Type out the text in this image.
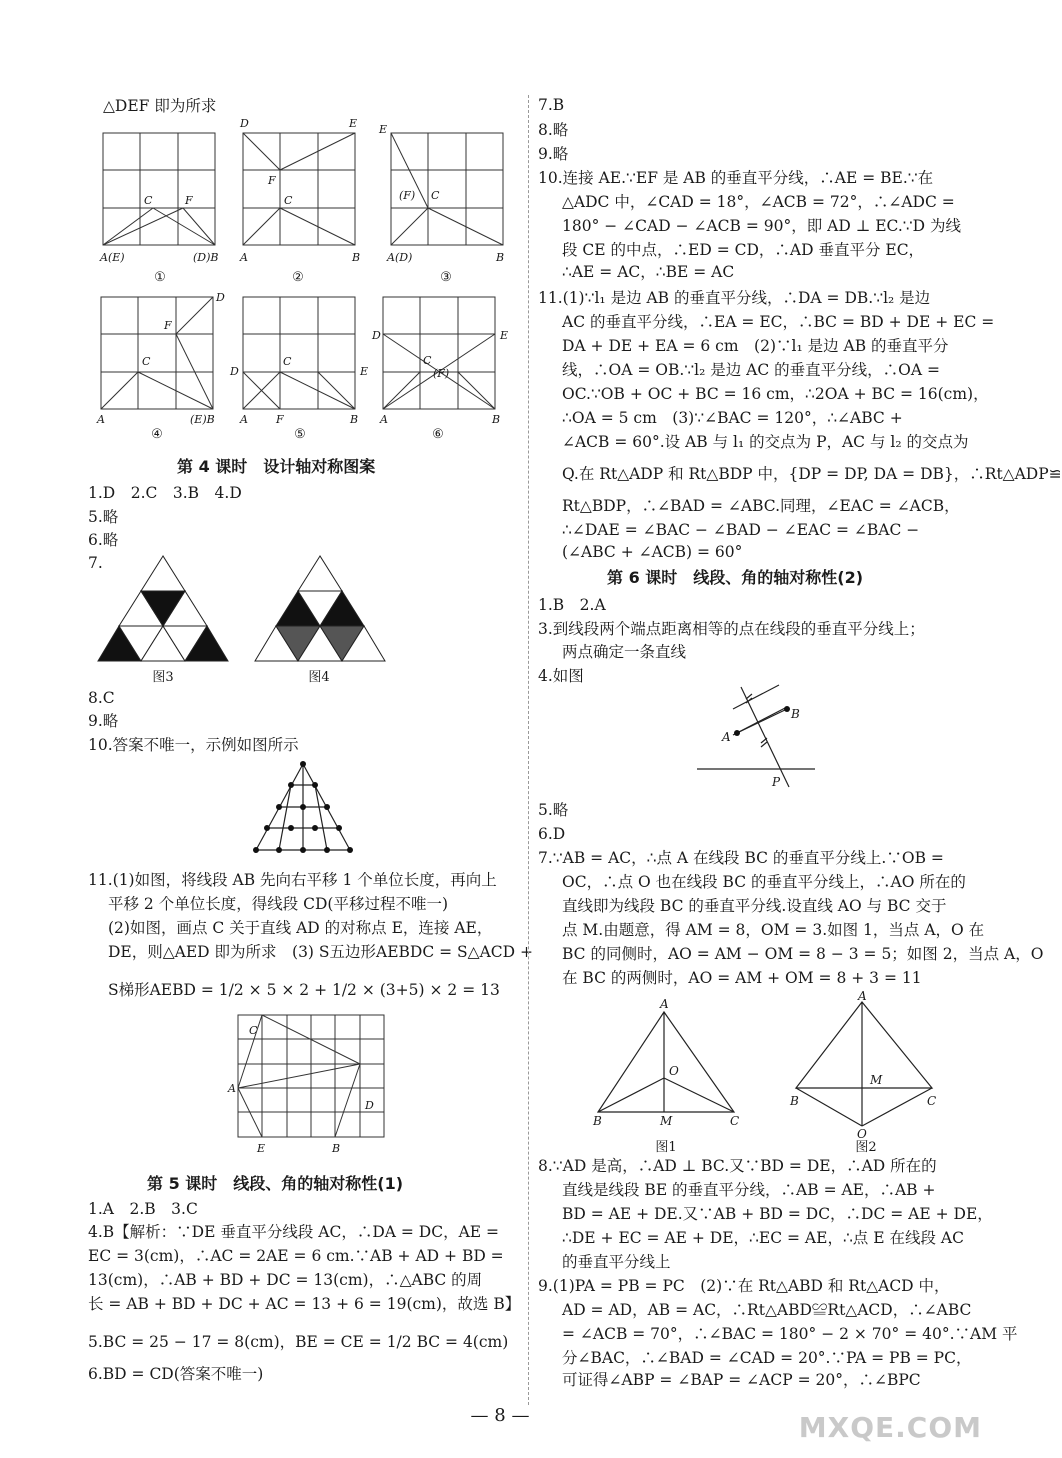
△DEF 即为所求
A(E)	(D)B
C	F
①
D	E
F
C
A	B
②
E
(F) C
A(D)	B
③
D
F
C
A	(E)B
④
C
D	E
A	F	B
⑤
D	E
C
(F)
A	B
⑥
第 4 课时　设计轴对称图案
1.D　2.C　3.B　4.D
5.略
6.略
7.
图3	图4
8.C
9.略
10.答案不唯一，示例如图所示
11.(1)如图，将线段 AB 先向右平移 1 个单位长度，再向上
平移 2 个单位长度，得线段 CD(平移过程不唯一)
(2)如图，画点 C 关于直线 AD 的对称点 E，连接 AE，
DE，则△AED 即为所求　(3) S五边形AEBDC = S△ACD +
S梯形AEBD = 1/2 × 5 × 2 + 1/2 × (3+5) × 2 = 13
C
A
D
E	B
第 5 课时　线段、角的轴对称性(1)
1.A　2.B　3.C
4.B【解析：∵DE 垂直平分线段 AC，∴DA = DC，AE =
EC = 3(cm)，∴AC = 2AE = 6 cm.∵AB + AD + BD =
13(cm)，∴AB + BD + DC = 13(cm)，∴△ABC 的周
长 = AB + BD + DC + AC = 13 + 6 = 19(cm)，故选 B】
5.BC = 25 − 17 = 8(cm)，BE = CE = 1/2 BC = 4(cm)
6.BD = CD(答案不唯一)
7.B
8.略
9.略
10.连接 AE.∵EF 是 AB 的垂直平分线，∴AE = BE.∵在
△ADC 中，∠CAD = 18°，∠ACB = 72°，∴∠ADC =
180° − ∠CAD − ∠ACB = 90°，即 AD ⊥ EC.∵D 为线
段 CE 的中点，∴ED = CD，∴AD 垂直平分 EC，
∴AE = AC，∴BE = AC
11.(1)∵l₁ 是边 AB 的垂直平分线，∴DA = DB.∵l₂ 是边
AC 的垂直平分线，∴EA = EC，∴BC = BD + DE + EC =
DA + DE + EA = 6 cm　(2)∵l₁ 是边 AB 的垂直平分
线，∴OA = OB.∵l₂ 是边 AC 的垂直平分线，∴OA =
OC.∵OB + OC + BC = 16 cm，∴2OA + BC = 16(cm)，
∴OA = 5 cm　(3)∵∠BAC = 120°，∴∠ABC +
∠ACB = 60°.设 AB 与 l₁ 的交点为 P，AC 与 l₂ 的交点为
Q.在 Rt△ADP 和 Rt△BDP 中，{DP = DP, DA = DB}，∴Rt△ADP≌
Rt△BDP，∴∠BAD = ∠ABC.同理，∠EAC = ∠ACB，
∴∠DAE = ∠BAC − ∠BAD − ∠EAC = ∠BAC −
(∠ABC + ∠ACB) = 60°
第 6 课时　线段、角的轴对称性(2)
1.B　2.A
3.到线段两个端点距离相等的点在线段的垂直平分线上；
两点确定一条直线
4.如图
B
A
P
5.略
6.D
7.∵AB = AC，∴点 A 在线段 BC 的垂直平分线上.∵OB =
OC，∴点 O 也在线段 BC 的垂直平分线上，∴AO 所在的
直线即为线段 BC 的垂直平分线.设直线 AO 与 BC 交于
点 M.由题意，得 AM = 8，OM = 3.如图 1，当点 A，O 在
BC 的同侧时，AO = AM − OM = 8 − 3 = 5；如图 2，当点 A，O
在 BC 的两侧时，AO = AM + OM = 8 + 3 = 11
A
O
B	M	C
图1
A
M
B	C
O
图2
8.∵AD 是高，∴AD ⊥ BC.又∵BD = DE，∴AD 所在的
直线是线段 BE 的垂直平分线，∴AB = AE，∴AB +
BD = AE + DE.又∵AB + BD = DC，∴DC = AE + DE，
∴DE + EC = AE + DE，∴EC = AE，∴点 E 在线段 AC
的垂直平分线上
9.(1)PA = PB = PC　(2)∵在 Rt△ABD 和 Rt△ACD 中，
AD = AD，AB = AC，∴Rt△ABD≌Rt△ACD，∴∠ABC
= ∠ACB = 70°，∴∠BAC = 180° − 2 × 70° = 40°.∵AM 平
分∠BAC，∴∠BAD = ∠CAD = 20°.∵PA = PB = PC，
可证得∠ABP = ∠BAP = ∠ACP = 20°，∴∠BPC
— 8 —	MXQE.COM
